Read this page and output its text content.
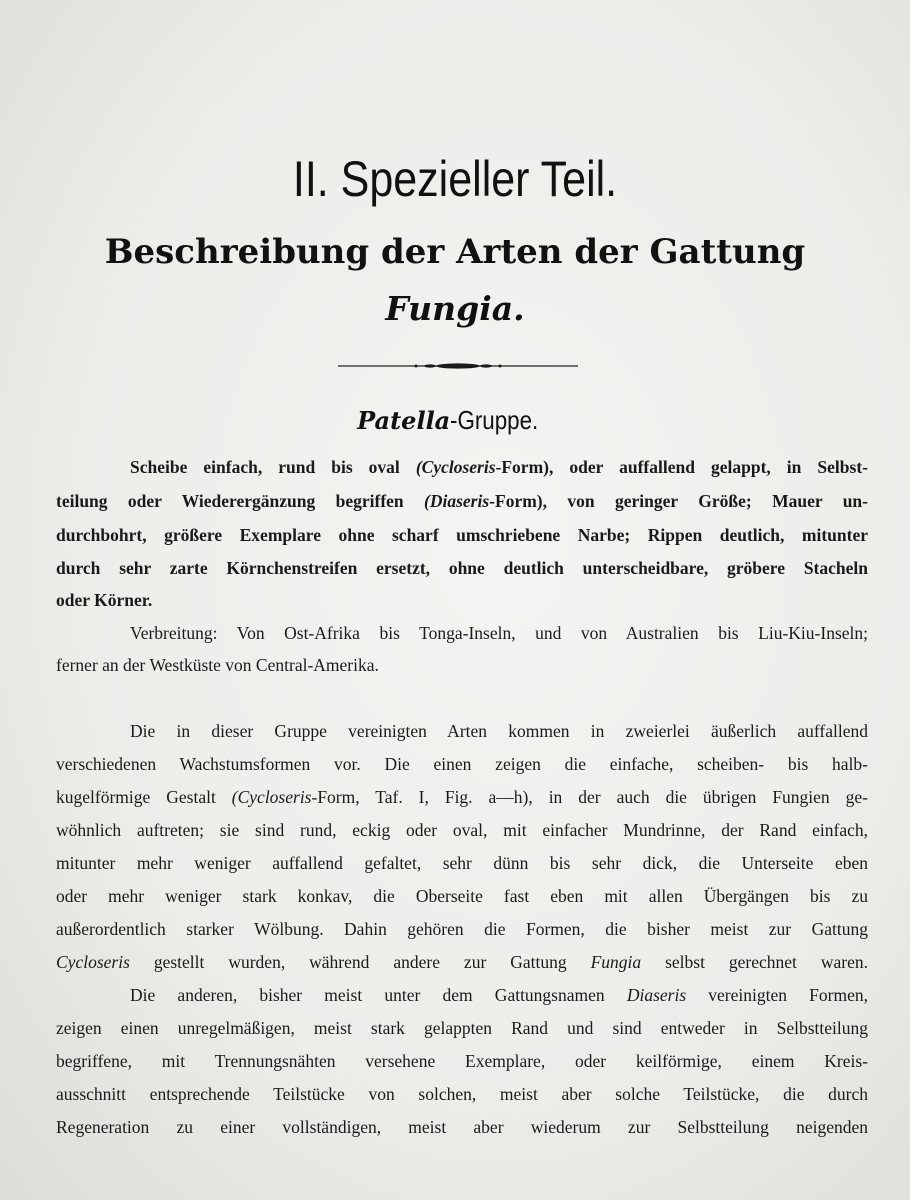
II. Spezieller Teil.
Beschreibung der Arten der Gattung
Fungia.
Patella-Gruppe.
Scheibe einfach, rund bis oval (Cycloseris-Form), oder auffallend gelappt, in Selbst-
teilung oder Wiederergänzung begriffen (Diaseris-Form), von geringer Größe; Mauer un-
durchbohrt, größere Exemplare ohne scharf umschriebene Narbe; Rippen deutlich, mitunter
durch sehr zarte Körnchenstreifen ersetzt, ohne deutlich unterscheidbare, gröbere Stacheln
oder Körner.
Verbreitung: Von Ost-Afrika bis Tonga-Inseln, und von Australien bis Liu-Kiu-Inseln;
ferner an der Westküste von Central-Amerika.
Die in dieser Gruppe vereinigten Arten kommen in zweierlei äußerlich auffallend
verschiedenen Wachstumsformen vor. Die einen zeigen die einfache, scheiben- bis halb-
kugelförmige Gestalt (Cycloseris-Form, Taf. I, Fig. a—h), in der auch die übrigen Fungien ge-
wöhnlich auftreten; sie sind rund, eckig oder oval, mit einfacher Mundrinne, der Rand einfach,
mitunter mehr weniger auffallend gefaltet, sehr dünn bis sehr dick, die Unterseite eben
oder mehr weniger stark konkav, die Oberseite fast eben mit allen Übergängen bis zu
außerordentlich starker Wölbung. Dahin gehören die Formen, die bisher meist zur Gattung
Cycloseris gestellt wurden, während andere zur Gattung Fungia selbst gerechnet waren.
Die anderen, bisher meist unter dem Gattungsnamen Diaseris vereinigten Formen,
zeigen einen unregelmäßigen, meist stark gelappten Rand und sind entweder in Selbstteilung
begriffene, mit Trennungsnähten versehene Exemplare, oder keilförmige, einem Kreis-
ausschnitt entsprechende Teilstücke von solchen, meist aber solche Teilstücke, die durch
Regeneration zu einer vollständigen, meist aber wiederum zur Selbstteilung neigenden
